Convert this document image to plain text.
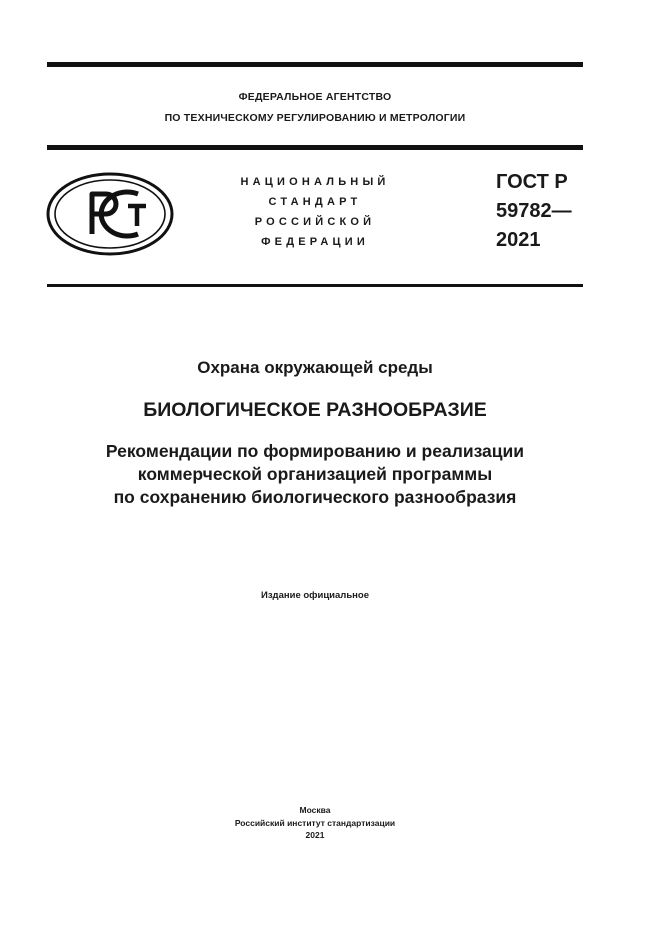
ФЕДЕРАЛЬНОЕ АГЕНТСТВО
ПО ТЕХНИЧЕСКОМУ РЕГУЛИРОВАНИЮ И МЕТРОЛОГИИ
НАЦИОНАЛЬНЫЙ
СТАНДАРТ
РОССИЙСКОЙ
ФЕДЕРАЦИИ
ГОСТ Р
59782—
2021
Охрана окружающей среды
БИОЛОГИЧЕСКОЕ РАЗНООБРАЗИЕ
Рекомендации по формированию и реализации
коммерческой организацией программы
по сохранению биологического разнообразия
Издание официальное
Москва
Российский институт стандартизации
2021
